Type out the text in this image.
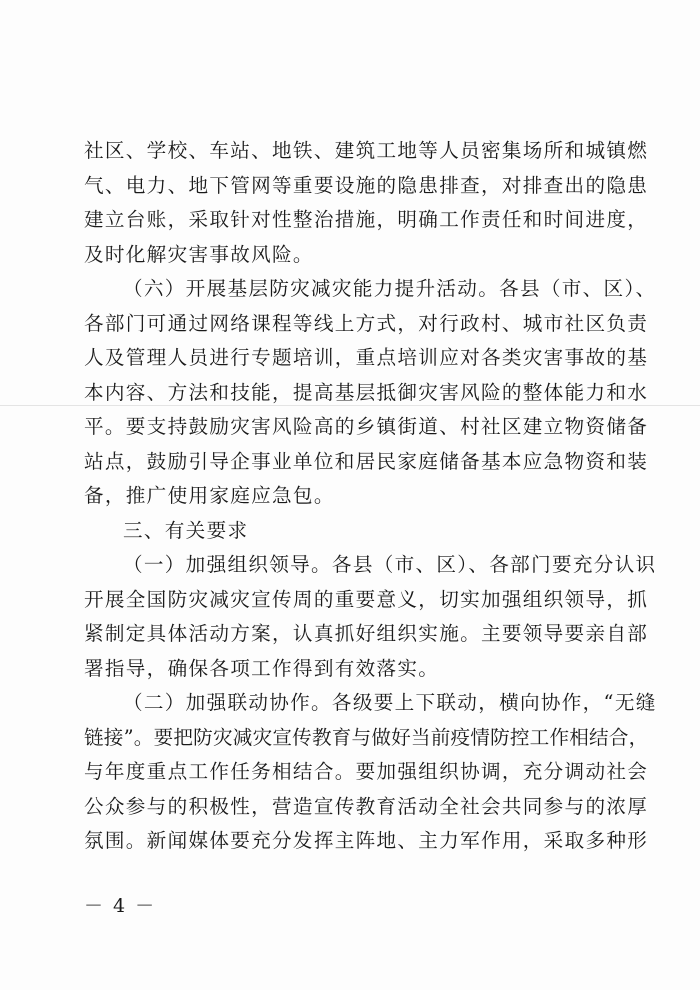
社区、学校、车站、地铁、建筑工地等人员密集场所和城镇燃
气、电力、地下管网等重要设施的隐患排查，对排查出的隐患
建立台账，采取针对性整治措施，明确工作责任和时间进度，
及时化解灾害事故风险。
（六）开展基层防灾减灾能力提升活动。各县（市、区）、
各部门可通过网络课程等线上方式，对行政村、城市社区负责
人及管理人员进行专题培训，重点培训应对各类灾害事故的基
本内容、方法和技能，提高基层抵御灾害风险的整体能力和水
平。要支持鼓励灾害风险高的乡镇街道、村社区建立物资储备
站点，鼓励引导企事业单位和居民家庭储备基本应急物资和装
备，推广使用家庭应急包。
三、有关要求
（一）加强组织领导。各县（市、区）、各部门要充分认识
开展全国防灾减灾宣传周的重要意义，切实加强组织领导，抓
紧制定具体活动方案，认真抓好组织实施。主要领导要亲自部
署指导，确保各项工作得到有效落实。
（二）加强联动协作。各级要上下联动，横向协作，“无缝
链接”。要把防灾减灾宣传教育与做好当前疫情防控工作相结合，
与年度重点工作任务相结合。要加强组织协调，充分调动社会
公众参与的积极性，营造宣传教育活动全社会共同参与的浓厚
氛围。新闻媒体要充分发挥主阵地、主力军作用，采取多种形
－ 4 －
